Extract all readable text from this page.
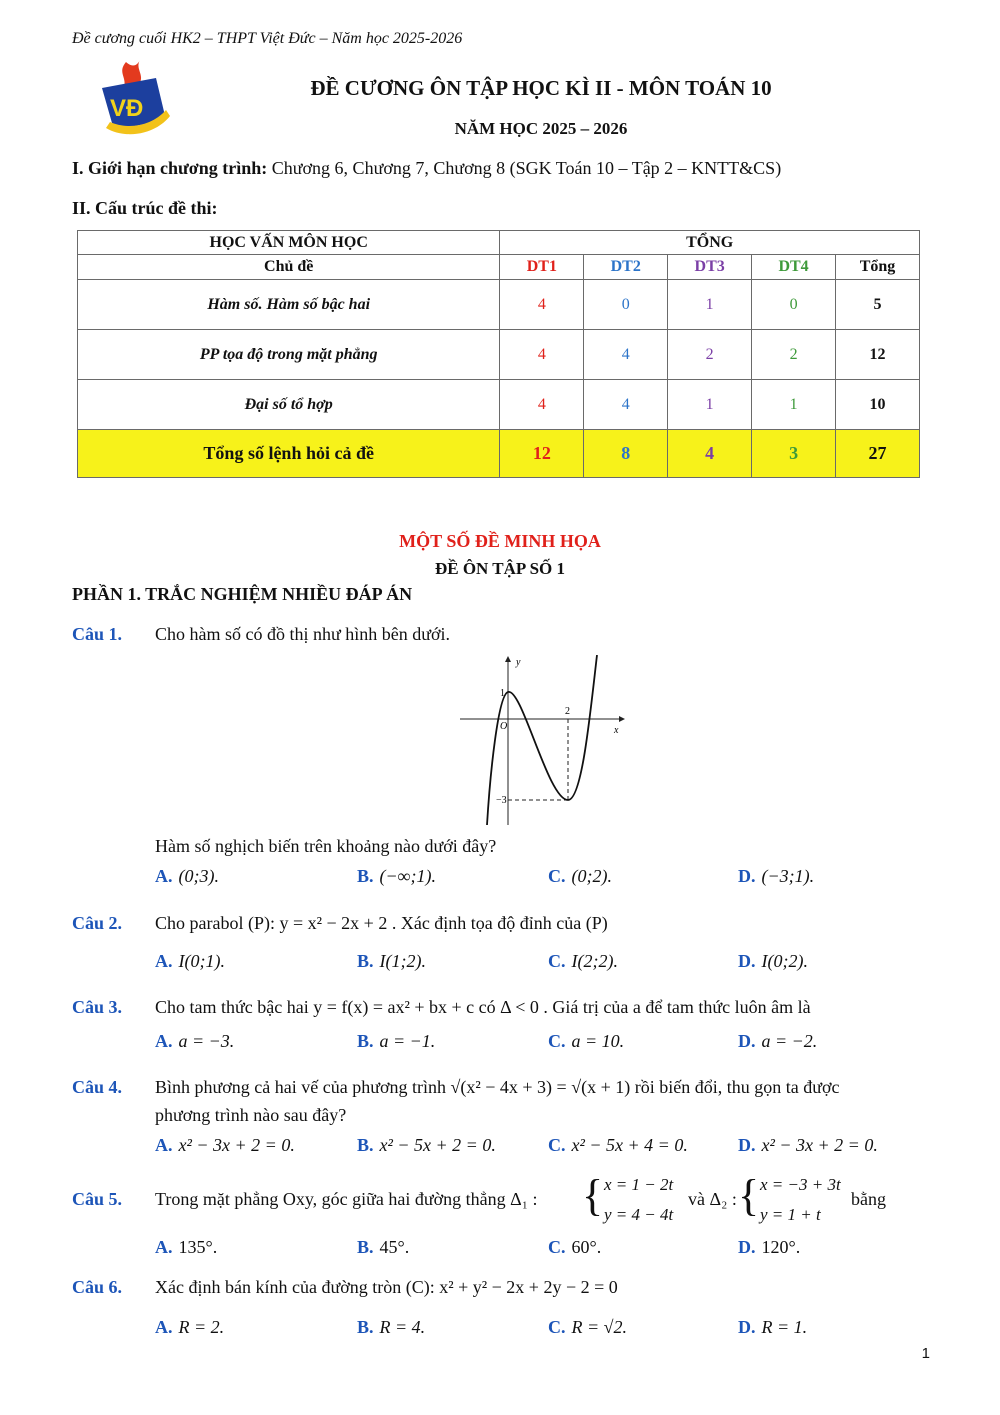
Đề cương cuối HK2 – THPT Việt Đức – Năm học 2025-2026
VĐ
ĐỀ CƯƠNG ÔN TẬP HỌC KÌ II - MÔN TOÁN 10
NĂM HỌC 2025 – 2026
I. Giới hạn chương trình: Chương 6, Chương 7, Chương 8 (SGK Toán 10 – Tập 2 – KNTT&CS)
II. Cấu trúc đề thi:
HỌC VẤN MÔN HỌC	TỔNG				
Chủ đề	DT1	DT2	DT3	DT4	Tổng
Hàm số. Hàm số bậc hai	4	0	1	0	5
PP tọa độ trong mặt phẳng	4	4	2	2	12
Đại số tổ hợp	4	4	1	1	10
Tổng số lệnh hỏi cả đề	12	8	4	3	27
MỘT SỐ ĐỀ MINH HỌA
ĐỀ ÔN TẬP SỐ 1
PHẦN 1. TRẮC NGHIỆM NHIỀU ĐÁP ÁN
Câu 1. Cho hàm số có đồ thị như hình bên dưới.
y
x
O
1
2
−3
Hàm số nghịch biến trên khoảng nào dưới đây?
A. (0;3).	B. (−∞;1).	C. (0;2).	D. (−3;1).
Câu 2. Cho parabol (P): y = x² − 2x + 2 . Xác định tọa độ đỉnh của (P)
A. I(0;1).	B. I(1;2).	C. I(2;2).	D. I(0;2).
Câu 3. Cho tam thức bậc hai y = f(x) = ax² + bx + c có Δ < 0 . Giá trị của a để tam thức luôn âm là
A. a = −3.	B. a = −1.	C. a = 10.	D. a = −2.
Câu 4. Bình phương cả hai vế của phương trình √(x² − 4x + 3) = √(x + 1) rồi biến đổi, thu gọn ta được
phương trình nào sau đây?
A. x² − 3x + 2 = 0.	B. x² − 5x + 2 = 0.	C. x² − 5x + 4 = 0.	D. x² − 3x + 2 = 0.
Câu 5. Trong mặt phẳng Oxy, góc giữa hai đường thẳng Δ₁ : { x = 1 − 2t
y = 4 − 4t
và Δ₂ : { x = −3 + 3t
y = 1 + t
bằng
A. 135°.	B. 45°.	C. 60°.	D. 120°.
Câu 6. Xác định bán kính của đường tròn (C): x² + y² − 2x + 2y − 2 = 0
A. R = 2.	B. R = 4.	C. R = √2.	D. R = 1.
1
